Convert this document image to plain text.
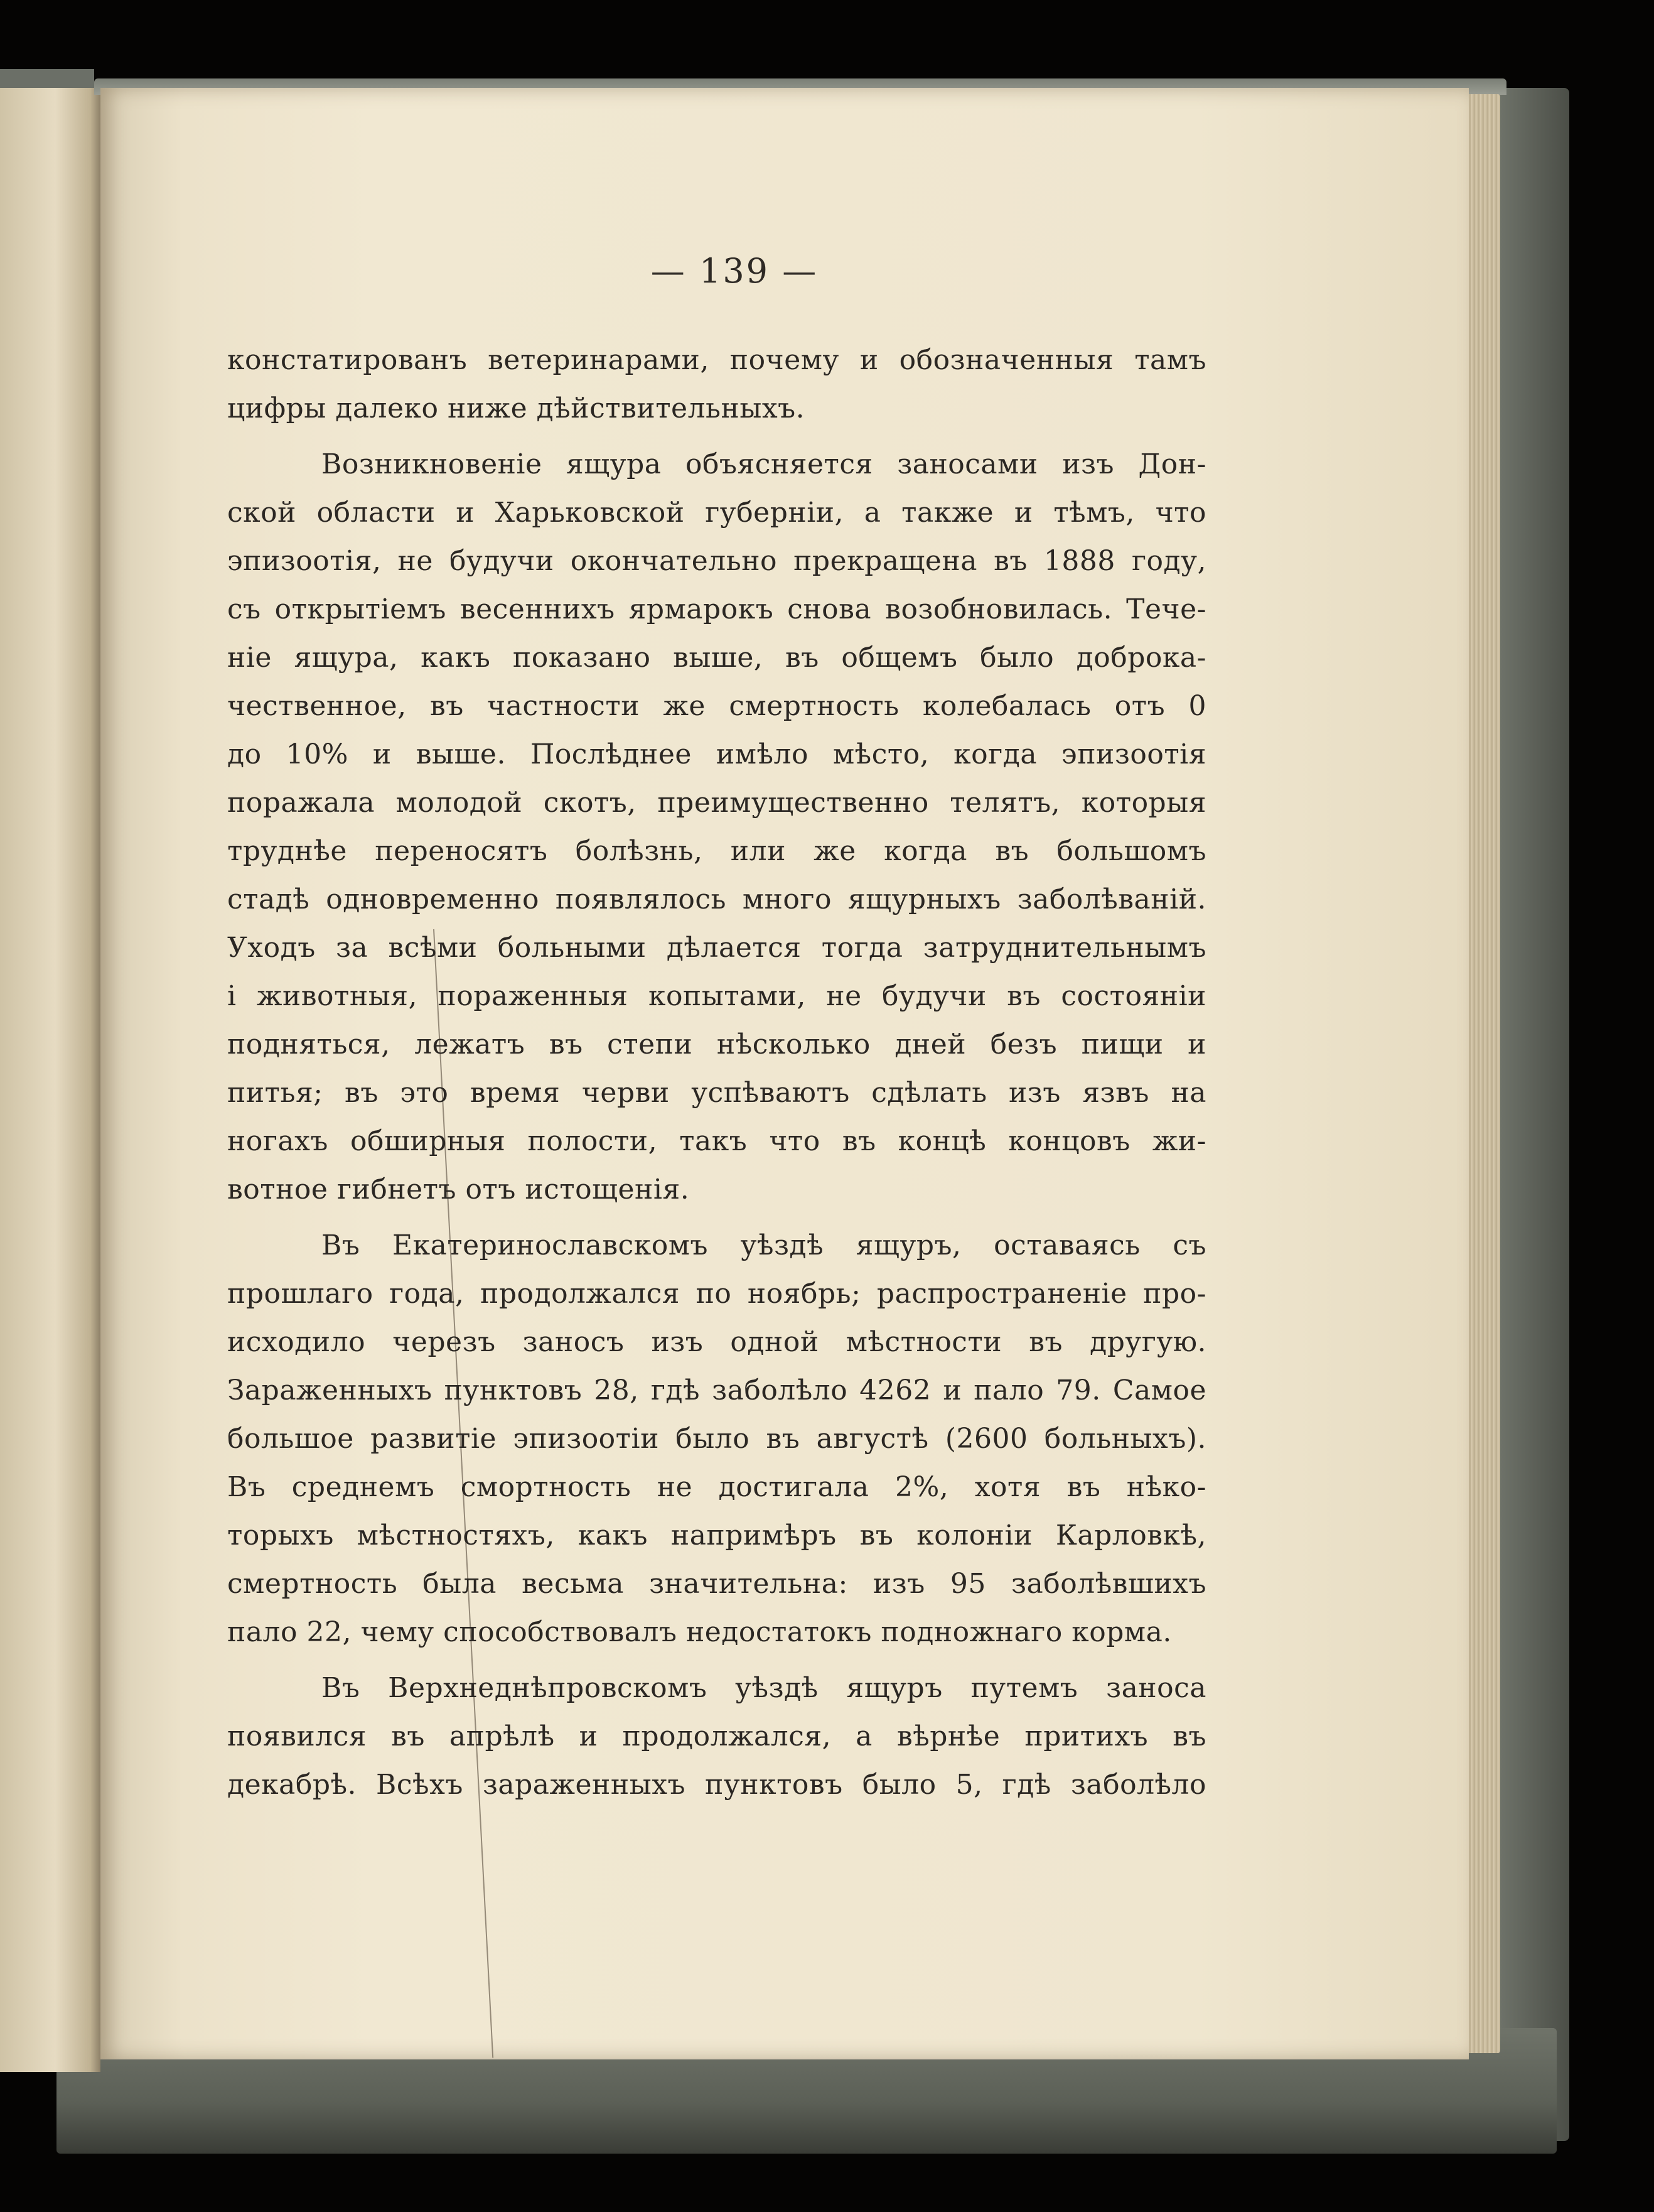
— 139 —
констатированъ ветеринарами, почему и обозначенныя тамъ
цифры далеко ниже дѣйствительныхъ.
Возникновеніе ящура объясняется заносами изъ Дон-
ской области и Харьковской губерніи, а также и тѣмъ, что
эпизоотія, не будучи окончательно прекращена въ 1888 году,
съ открытіемъ весеннихъ ярмарокъ снова возобновилась. Тече-
ніе ящура, какъ показано выше, въ общемъ было доброка-
чественное, въ частности же смертность колебалась отъ 0
до 10% и выше. Послѣднее имѣло мѣсто, когда эпизоотія
поражала молодой скотъ, преимущественно телятъ, которыя
труднѣе переносятъ болѣзнь, или же когда въ большомъ
стадѣ одновременно появлялось много ящурныхъ заболѣваній.
Уходъ за всѣми больными дѣлается тогда затруднительнымъ
і животныя, пораженныя копытами, не будучи въ состояніи
подняться, лежатъ въ степи нѣсколько дней безъ пищи и
питья; въ это время черви успѣваютъ сдѣлать изъ язвъ на
ногахъ обширныя полости, такъ что въ концѣ концовъ жи-
вотное гибнетъ отъ истощенія.
Въ Екатеринославскомъ уѣздѣ ящуръ, оставаясь съ
прошлаго года, продолжался по ноябрь; распространеніе про-
исходило черезъ заносъ изъ одной мѣстности въ другую.
Зараженныхъ пунктовъ 28, гдѣ заболѣло 4262 и пало 79. Самое
большое развитіе эпизоотіи было въ августѣ (2600 больныхъ).
Въ среднемъ смортность не достигала 2%, хотя въ нѣко-
торыхъ мѣстностяхъ, какъ напримѣръ въ колоніи Карловкѣ,
смертность была весьма значительна: изъ 95 заболѣвшихъ
пало 22, чему способствовалъ недостатокъ подножнаго корма.
Въ Верхнеднѣпровскомъ уѣздѣ ящуръ путемъ заноса
появился въ апрѣлѣ и продолжался, а вѣрнѣе притихъ въ
декабрѣ. Всѣхъ зараженныхъ пунктовъ было 5, гдѣ заболѣло
